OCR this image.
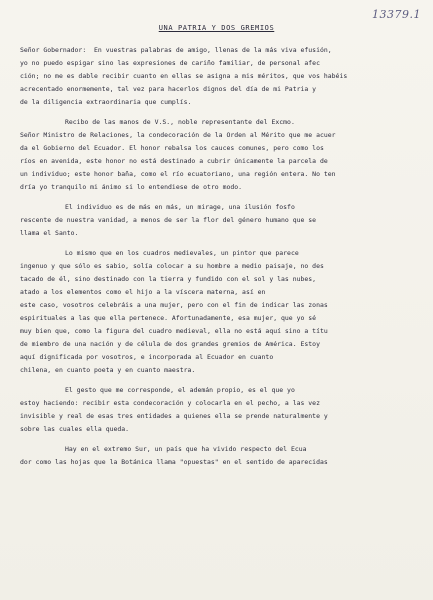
13379.1
UNA PATRIA Y DOS GREMIOS
Señor Gobernador:  En vuestras palabras de amigo, llenas de la más viva efusión,
yo no puedo espigar sino las expresiones de cariño familiar, de personal afec
ción; no me es dable recibir cuanto en ellas se asigna a mis méritos, que vos habéis
acrecentado enormemente, tal vez para hacerlos dignos del día de mi Patria y
de la diligencia extraordinaria que cumplís.
Recibo de las manos de V.S., noble representante del Excmo.
Señor Ministro de Relaciones, la condecoración de la Orden al Mérito que me acuer
da el Gobierno del Ecuador. El honor rebalsa los cauces comunes, pero como los
ríos en avenida, este honor no está destinado a cubrir únicamente la parcela de
un individuo; este honor baña, como el río ecuatoriano, una región entera. No ten
dría yo tranquilo mi ánimo si lo entendiese de otro modo.
El individuo es de más en más, un mirage, una ilusión fosfo
rescente de nuestra vanidad, a menos de ser la flor del género humano que se
llama el Santo.
Lo mismo que en los cuadros medievales, un pintor que parece
ingenuo y que sólo es sabio, solía colocar a su hombre a medio paisaje, no des
tacado de él, sino destinado con la tierra y fundido con el sol y las nubes,
atado a los elementos como el hijo a la víscera materna, así en
este caso, vosotros celebráis a una mujer, pero con el fin de indicar las zonas
espirituales a las que ella pertenece. Afortunadamente, esa mujer, que yo sé
muy bien que, como la figura del cuadro medieval, ella no está aquí sino a títu
de miembro de una nación y de célula de dos grandes gremios de América. Estoy
aquí dignificada por vosotros, e incorporada al Ecuador en cuanto
chilena, en cuanto poeta y en cuanto maestra.
El gesto que me corresponde, el ademán propio, es el que yo
estoy haciendo: recibir esta condecoración y colocarla en el pecho, a las vez
invisible y real de esas tres entidades a quienes ella se prende naturalmente y
sobre las cuales ella queda.
Hay en el extremo Sur, un país que ha vivido respecto del Ecua
dor como las hojas que la Botánica llama "opuestas" en el sentido de aparecidas
